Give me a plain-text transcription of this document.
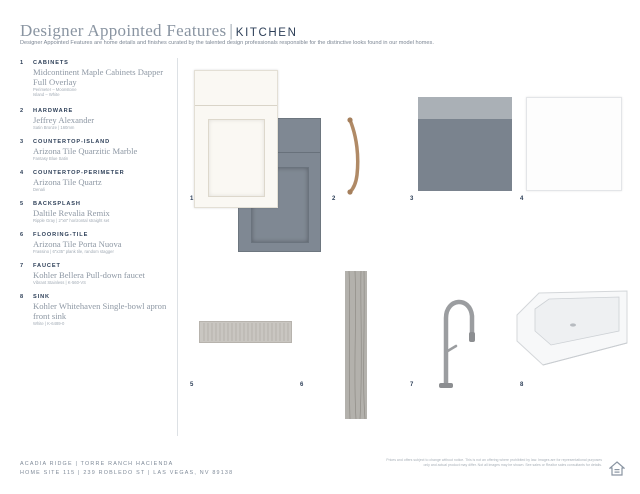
Designer Appointed Features | KITCHEN
Designer Appointed Features are home details and finishes curated by the talented design professionals responsible for the distinctive looks found in our model homes.
1 CABINETS
Midcontinent Maple Cabinets Dapper Full Overlay
Perimeter – Moonstone
Island – White
2 HARDWARE
Jeffrey Alexander
Satin Bronze | 160mm
3 COUNTERTOP-ISLAND
Arizona Tile Quarzitic Marble
Fantasy Blue Satin
4 COUNTERTOP-PERIMETER
Arizona Tile Quartz
Denali
5 BACKSPLASH
Daltile Revalia Remix
Ripple Gray | 2"x8" horizontal straight set
6 FLOORING-TILE
Arizona Tile Porta Nuova
Frassino | 6"x35" plank tile, random stagger
7 FAUCET
Kohler Bellera Pull-down faucet
Vibrant Stainless | K-560-VS
8 SINK
Kohler Whitehaven Single-bowl apron front sink
White | K-6489-0
1	2	3	4
5	6	7	8
ACADIA RIDGE | TORRE RANCH HACIENDA
HOME SITE 115 | 239 ROBLEDO ST | LAS VEGAS, NV 89138
Prices and offers subject to change without notice. This is not an offering where prohibited by law. Images are for representational purposes only and actual product may differ. Not all images may be shown. See sales or Realtor sales consultants for details.
